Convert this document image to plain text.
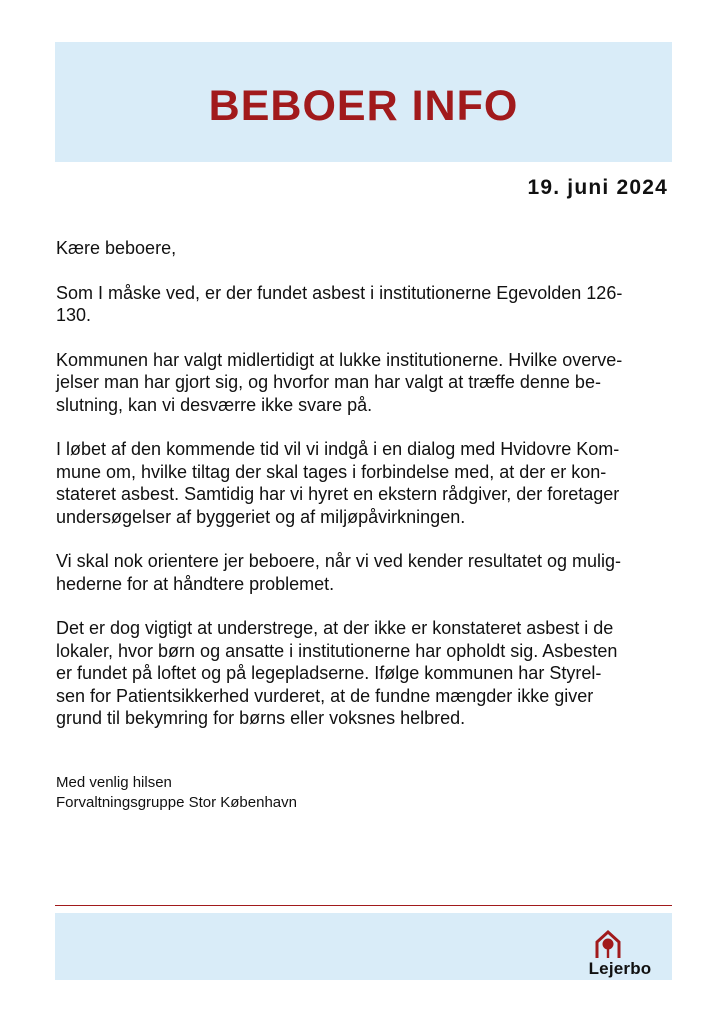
BEBOER INFO
19. juni 2024

Kære beboere,

Som I måske ved, er der fundet asbest i institutionerne Egevolden 126-
130.

Kommunen har valgt midlertidigt at lukke institutionerne. Hvilke overve-
jelser man har gjort sig, og hvorfor man har valgt at træffe denne be-
slutning, kan vi desværre ikke svare på.

I løbet af den kommende tid vil vi indgå i en dialog med Hvidovre Kom-
mune om, hvilke tiltag der skal tages i forbindelse med, at der er kon-
stateret asbest. Samtidig har vi hyret en ekstern rådgiver, der foretager
undersøgelser af byggeriet og af miljøpåvirkningen.

Vi skal nok orientere jer beboere, når vi ved kender resultatet og mulig-
hederne for at håndtere problemet.

Det er dog vigtigt at understrege, at der ikke er konstateret asbest i de
lokaler, hvor børn og ansatte i institutionerne har opholdt sig. Asbesten
er fundet på loftet og på legepladserne. Ifølge kommunen har Styrel-
sen for Patientsikkerhed vurderet, at de fundne mængder ikke giver
grund til bekymring for børns eller voksnes helbred.

Med venlig hilsen
Forvaltningsgruppe Stor København
Lejerbo
